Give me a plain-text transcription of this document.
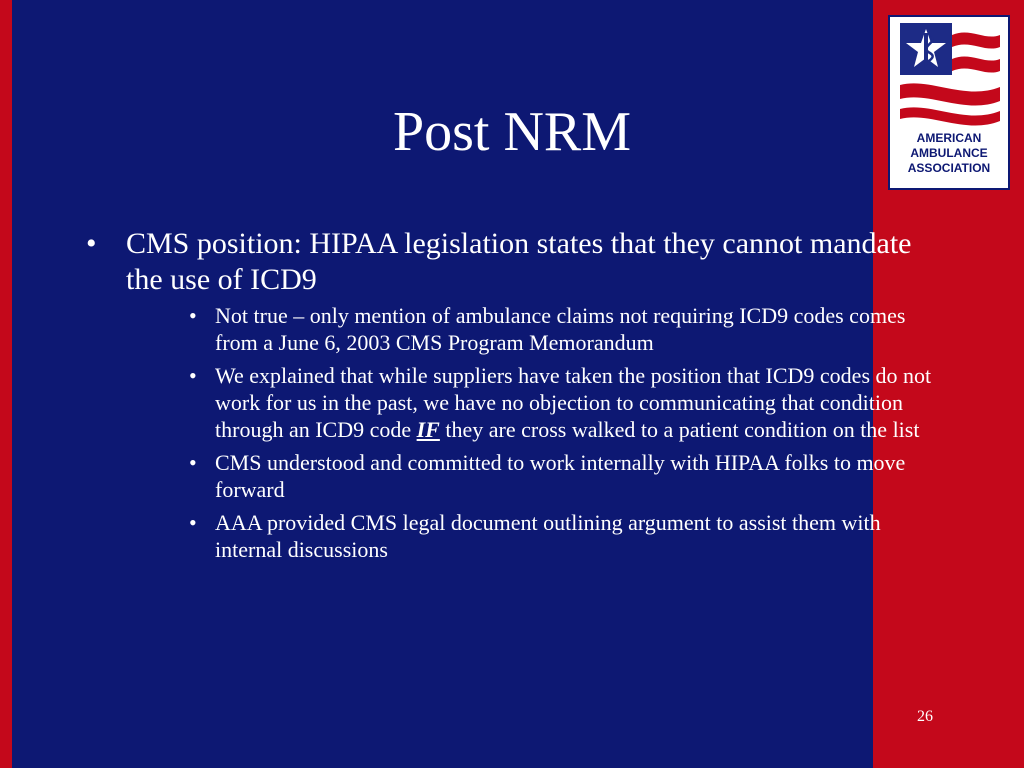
AMERICAN
AMBULANCE
ASSOCIATION
Post NRM
• CMS position: HIPAA legislation states that they cannot mandate the use of ICD9
• Not true – only mention of ambulance claims not requiring ICD9 codes comes from a June 6, 2003 CMS Program Memorandum
• We explained that while suppliers have taken the position that ICD9 codes do not work for us in the past, we have no objection to communicating that condition through an ICD9 code IF they are cross walked to a patient condition on the list
• CMS understood and committed to work internally with HIPAA folks to move forward
• AAA provided CMS legal document outlining argument to assist them with internal discussions
26
